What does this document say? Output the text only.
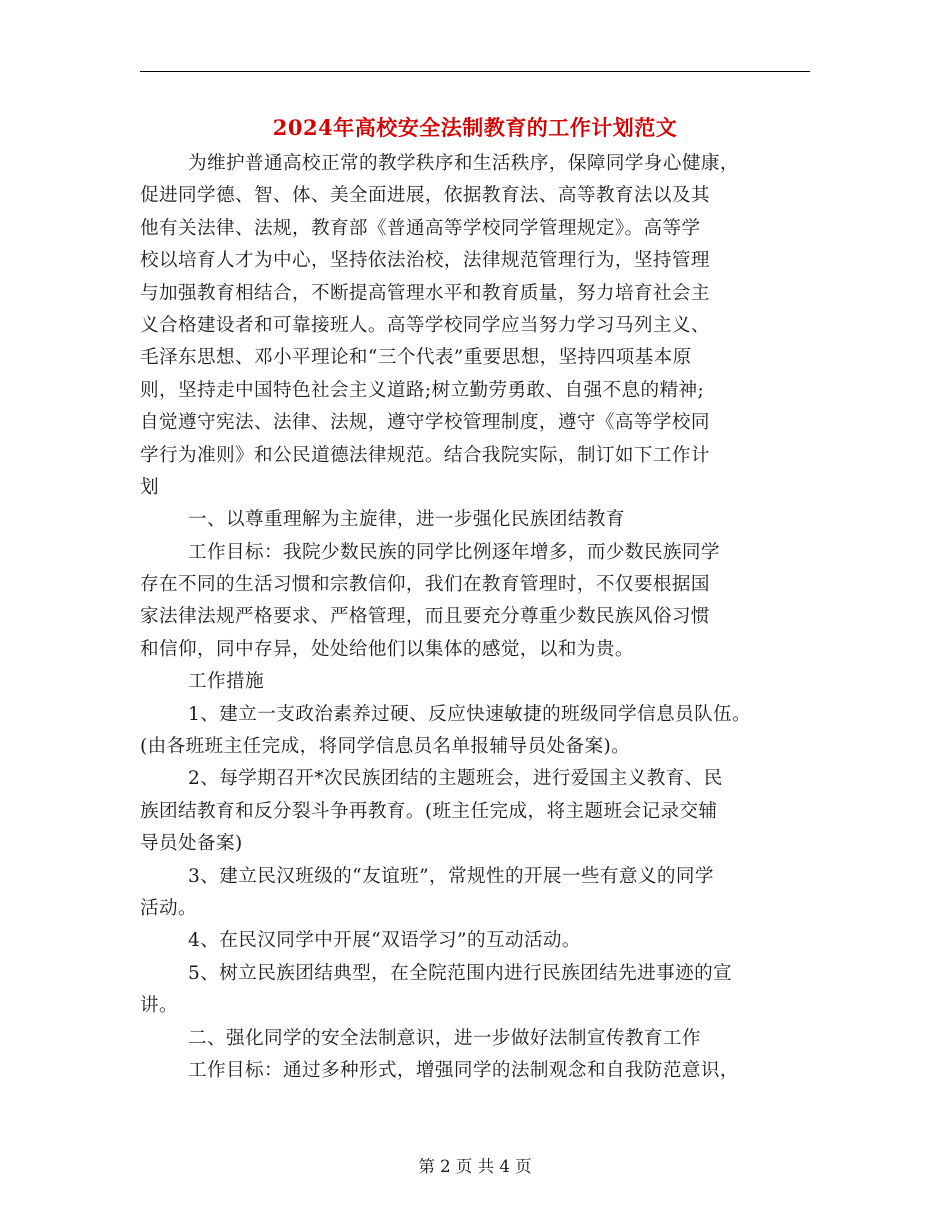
2024年高校安全法制教育的工作计划范文
为维护普通高校正常的教学秩序和生活秩序，保障同学身心健康，
促进同学德、智、体、美全面进展，依据教育法、高等教育法以及其
他有关法律、法规，教育部《普通高等学校同学管理规定》。高等学
校以培育人才为中心，坚持依法治校，法律规范管理行为，坚持管理
与加强教育相结合，不断提高管理水平和教育质量，努力培育社会主
义合格建设者和可靠接班人。高等学校同学应当努力学习马列主义、
毛泽东思想、邓小平理论和“三个代表”重要思想，坚持四项基本原
则，坚持走中国特色社会主义道路;树立勤劳勇敢、自强不息的精神;
自觉遵守宪法、法律、法规，遵守学校管理制度，遵守《高等学校同
学行为准则》和公民道德法律规范。结合我院实际，制订如下工作计
划
一、以尊重理解为主旋律，进一步强化民族团结教育
工作目标：我院少数民族的同学比例逐年增多，而少数民族同学
存在不同的生活习惯和宗教信仰，我们在教育管理时，不仅要根据国
家法律法规严格要求、严格管理，而且要充分尊重少数民族风俗习惯
和信仰，同中存异，处处给他们以集体的感觉，以和为贵。
工作措施
1、建立一支政治素养过硬、反应快速敏捷的班级同学信息员队伍。
(由各班班主任完成，将同学信息员名单报辅导员处备案)。
2、每学期召开*次民族团结的主题班会，进行爱国主义教育、民
族团结教育和反分裂斗争再教育。(班主任完成，将主题班会记录交辅
导员处备案)
3、建立民汉班级的“友谊班”，常规性的开展一些有意义的同学
活动。
4、在民汉同学中开展“双语学习”的互动活动。
5、树立民族团结典型，在全院范围内进行民族团结先进事迹的宣
讲。
二、强化同学的安全法制意识，进一步做好法制宣传教育工作
工作目标：通过多种形式，增强同学的法制观念和自我防范意识，
第 2 页 共 4 页
